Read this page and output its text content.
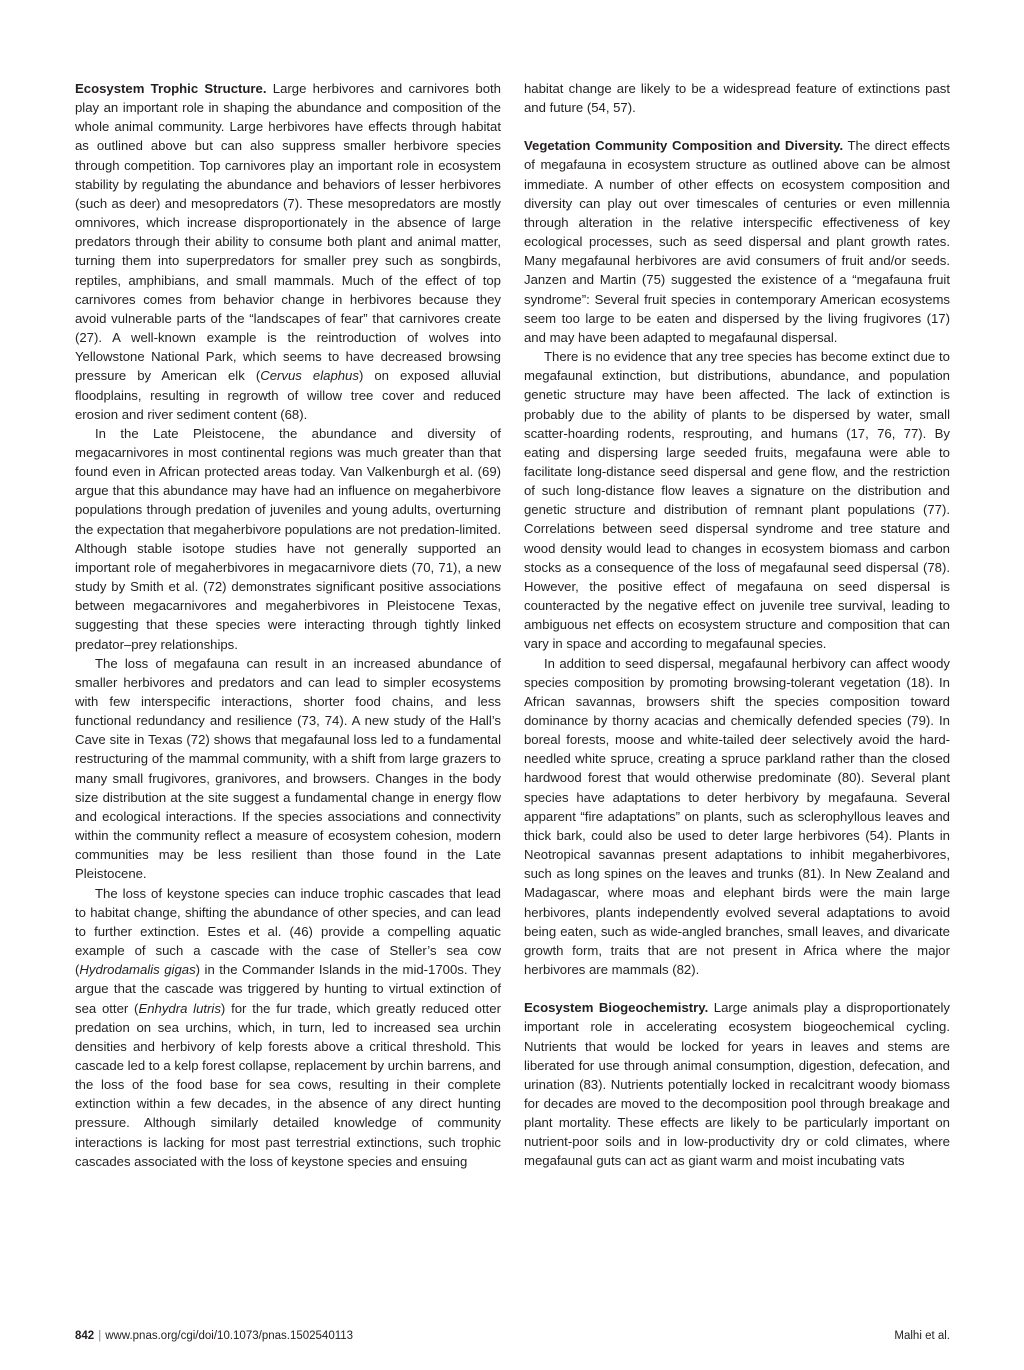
Ecosystem Trophic Structure. Large herbivores and carnivores both play an important role in shaping the abundance and composition of the whole animal community. Large herbivores have effects through habitat as outlined above but can also suppress smaller herbivore species through competition. Top carnivores play an important role in ecosystem stability by regulating the abundance and behaviors of lesser herbivores (such as deer) and mesopredators (7). These mesopredators are mostly omnivores, which increase disproportionately in the absence of large predators through their ability to consume both plant and animal matter, turning them into superpredators for smaller prey such as songbirds, reptiles, amphibians, and small mammals. Much of the effect of top carnivores comes from behavior change in herbivores because they avoid vulnerable parts of the “landscapes of fear” that carnivores create (27). A well-known example is the reintroduction of wolves into Yellowstone National Park, which seems to have decreased browsing pressure by American elk (Cervus elaphus) on exposed alluvial floodplains, resulting in regrowth of willow tree cover and reduced erosion and river sediment content (68).

In the Late Pleistocene, the abundance and diversity of megacarnivores in most continental regions was much greater than that found even in African protected areas today. Van Valkenburgh et al. (69) argue that this abundance may have had an influence on megaherbivore populations through predation of juveniles and young adults, overturning the expectation that megaherbivore populations are not predation-limited. Although stable isotope studies have not generally supported an important role of megaherbivores in megacarnivore diets (70, 71), a new study by Smith et al. (72) demonstrates significant positive associations between megacarnivores and megaherbivores in Pleistocene Texas, suggesting that these species were interacting through tightly linked predator–prey relationships.

The loss of megafauna can result in an increased abundance of smaller herbivores and predators and can lead to simpler ecosystems with few interspecific interactions, shorter food chains, and less functional redundancy and resilience (73, 74). A new study of the Hall’s Cave site in Texas (72) shows that megafaunal loss led to a fundamental restructuring of the mammal community, with a shift from large grazers to many small frugivores, granivores, and browsers. Changes in the body size distribution at the site suggest a fundamental change in energy flow and ecological interactions. If the species associations and connectivity within the community reflect a measure of ecosystem cohesion, modern communities may be less resilient than those found in the Late Pleistocene.

The loss of keystone species can induce trophic cascades that lead to habitat change, shifting the abundance of other species, and can lead to further extinction. Estes et al. (46) provide a compelling aquatic example of such a cascade with the case of Steller’s sea cow (Hydrodamalis gigas) in the Commander Islands in the mid-1700s. They argue that the cascade was triggered by hunting to virtual extinction of sea otter (Enhydra lutris) for the fur trade, which greatly reduced otter predation on sea urchins, which, in turn, led to increased sea urchin densities and herbivory of kelp forests above a critical threshold. This cascade led to a kelp forest collapse, replacement by urchin barrens, and the loss of the food base for sea cows, resulting in their complete extinction within a few decades, in the absence of any direct hunting pressure. Although similarly detailed knowledge of community interactions is lacking for most past terrestrial extinctions, such trophic cascades associated with the loss of keystone species and ensuing

habitat change are likely to be a widespread feature of extinctions past and future (54, 57).

Vegetation Community Composition and Diversity. The direct effects of megafauna in ecosystem structure as outlined above can be almost immediate. A number of other effects on ecosystem composition and diversity can play out over timescales of centuries or even millennia through alteration in the relative interspecific effectiveness of key ecological processes, such as seed dispersal and plant growth rates. Many megafaunal herbivores are avid consumers of fruit and/or seeds. Janzen and Martin (75) suggested the existence of a “megafauna fruit syndrome”: Several fruit species in contemporary American ecosystems seem too large to be eaten and dispersed by the living frugivores (17) and may have been adapted to megafaunal dispersal.

There is no evidence that any tree species has become extinct due to megafaunal extinction, but distributions, abundance, and population genetic structure may have been affected. The lack of extinction is probably due to the ability of plants to be dispersed by water, small scatter-hoarding rodents, resprouting, and humans (17, 76, 77). By eating and dispersing large seeded fruits, megafauna were able to facilitate long-distance seed dispersal and gene flow, and the restriction of such long-distance flow leaves a signature on the distribution and genetic structure and distribution of remnant plant populations (77). Correlations between seed dispersal syndrome and tree stature and wood density would lead to changes in ecosystem biomass and carbon stocks as a consequence of the loss of megafaunal seed dispersal (78). However, the positive effect of megafauna on seed dispersal is counteracted by the negative effect on juvenile tree survival, leading to ambiguous net effects on ecosystem structure and composition that can vary in space and according to megafaunal species.

In addition to seed dispersal, megafaunal herbivory can affect woody species composition by promoting browsing-tolerant vegetation (18). In African savannas, browsers shift the species composition toward dominance by thorny acacias and chemically defended species (79). In boreal forests, moose and white-tailed deer selectively avoid the hard-needled white spruce, creating a spruce parkland rather than the closed hardwood forest that would otherwise predominate (80). Several plant species have adaptations to deter herbivory by megafauna. Several apparent “fire adaptations” on plants, such as sclerophyllous leaves and thick bark, could also be used to deter large herbivores (54). Plants in Neotropical savannas present adaptations to inhibit megaherbivores, such as long spines on the leaves and trunks (81). In New Zealand and Madagascar, where moas and elephant birds were the main large herbivores, plants independently evolved several adaptations to avoid being eaten, such as wide-angled branches, small leaves, and divaricate growth form, traits that are not present in Africa where the major herbivores are mammals (82).

Ecosystem Biogeochemistry. Large animals play a disproportionately important role in accelerating ecosystem biogeochemical cycling. Nutrients that would be locked for years in leaves and stems are liberated for use through animal consumption, digestion, defecation, and urination (83). Nutrients potentially locked in recalcitrant woody biomass for decades are moved to the decomposition pool through breakage and plant mortality. These effects are likely to be particularly important on nutrient-poor soils and in low-productivity dry or cold climates, where megafaunal guts can act as giant warm and moist incubating vats

842 | www.pnas.org/cgi/doi/10.1073/pnas.1502540113	Malhi et al.
